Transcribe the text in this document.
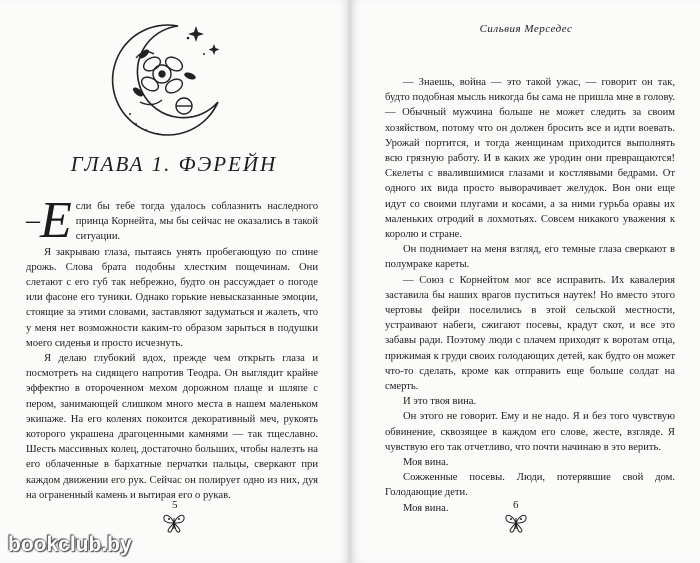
ГЛАВА 1. ФЭРЕЙН

–Е сли бы тебе тогда удалось соблазнить наследного принца Корнейта, мы бы сейчас не оказались в такой ситуации.

Я закрываю глаза, пытаясь унять пробегающую по спине дрожь. Слова брата подобны хлестким пощечинам. Они слетают с его губ так небрежно, будто он рассуждает о погоде или фасоне его туники. Однако горькие невысказанные эмоции, стоящие за этими словами, заставляют задуматься и жалеть, что у меня нет возможности каким-то образом зарыться в подушки моего сиденья и просто исчезнуть.

Я делаю глубокий вдох, прежде чем открыть глаза и посмотреть на сидящего напротив Теодра. Он выглядит крайне эффектно в отороченном мехом дорожном плаще и шляпе с пером, занимающей слишком много места в нашем маленьком экипаже. На его коленях покоится декоративный меч, рукоять которого украшена драгоценными камнями — так тщеславно. Шесть массивных колец, достаточно больших, чтобы налезть на его облаченные в бархатные перчатки пальцы, сверкают при каждом движении его рук. Сейчас он полирует одно из них, дуя на ограненный камень и вытирая его о рукав.

5
Сильвия Мерседес

— Знаешь, война — это такой ужас, — говорит он так, будто подобная мысль никогда бы сама не пришла мне в голову. — Обычный мужчина больше не может следить за своим хозяйством, потому что он должен бросить все и идти воевать. Урожай портится, и тогда женщинам приходится выполнять всю грязную работу. И в каких же уродин они превращаются! Скелеты с ввалившимися глазами и костлявыми бедрами. От одного их вида просто выворачивает желудок. Вон они еще идут со своими плугами и косами, а за ними гурьба оравы их маленьких отродий в лохмотьях. Совсем никакого уважения к королю и стране.

Он поднимает на меня взгляд, его темные глаза сверкают в полумраке кареты.

— Союз с Корнейтом мог все исправить. Их кавалерия заставила бы наших врагов пуститься наутек! Но вместо этого чертовы фейри поселились в этой сельской местности, устраивают набеги, сжигают посевы, крадут скот, и все это забавы ради. Поэтому люди с плачем приходят к воротам отца, прижимая к груди своих голодающих детей, как будто он может что-то сделать, кроме как отправить еще больше солдат на смерть.

И это твоя вина.

Он этого не говорит. Ему и не надо. Я и без того чувствую обвинение, сквозящее в каждом его слове, жесте, взгляде. Я чувствую его так отчетливо, что почти начинаю в это верить.

Моя вина.

Сожженные посевы. Люди, потерявшие свой дом. Голодающие дети.

Моя вина.	6
bookclub.by
